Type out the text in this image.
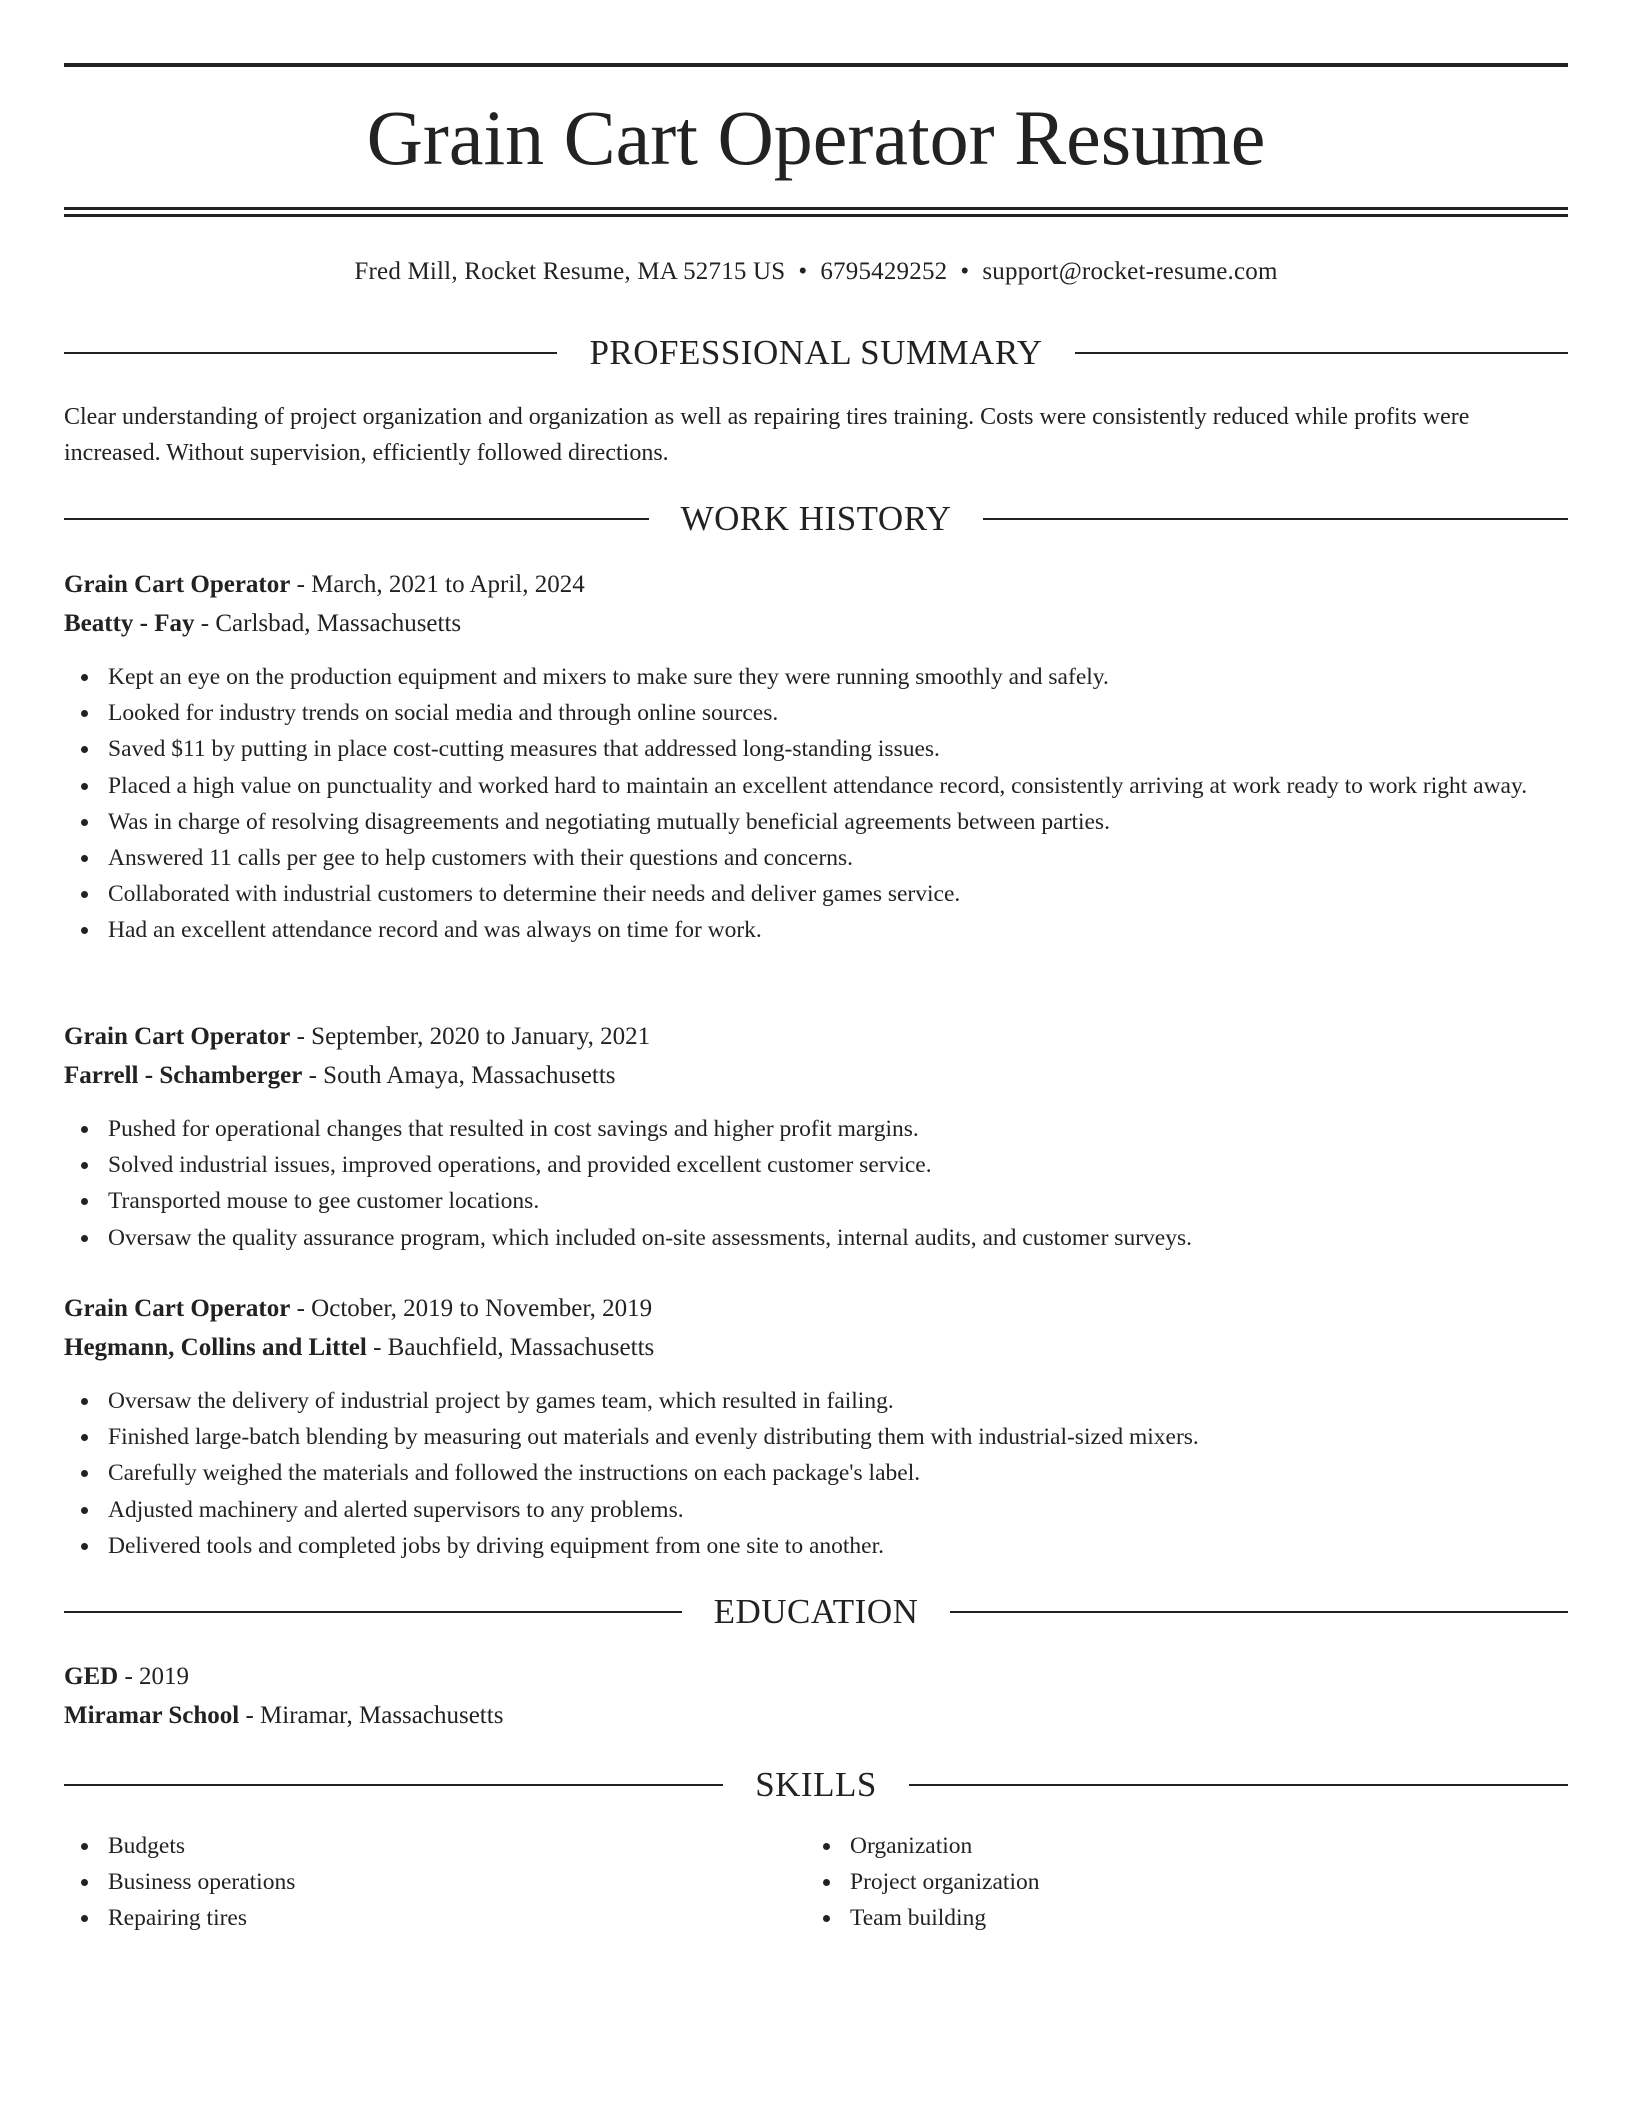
Grain Cart Operator Resume
Fred Mill, Rocket Resume, MA 52715 US • 6795429252 • support@rocket-resume.com
PROFESSIONAL SUMMARY
Clear understanding of project organization and organization as well as repairing tires training. Costs were consistently reduced while profits were increased. Without supervision, efficiently followed directions.
WORK HISTORY
Grain Cart Operator - March, 2021 to April, 2024
Beatty - Fay - Carlsbad, Massachusetts
Kept an eye on the production equipment and mixers to make sure they were running smoothly and safely.
Looked for industry trends on social media and through online sources.
Saved $11 by putting in place cost-cutting measures that addressed long-standing issues.
Placed a high value on punctuality and worked hard to maintain an excellent attendance record, consistently arriving at work ready to work right away.
Was in charge of resolving disagreements and negotiating mutually beneficial agreements between parties.
Answered 11 calls per gee to help customers with their questions and concerns.
Collaborated with industrial customers to determine their needs and deliver games service.
Had an excellent attendance record and was always on time for work.
Grain Cart Operator - September, 2020 to January, 2021
Farrell - Schamberger - South Amaya, Massachusetts
Pushed for operational changes that resulted in cost savings and higher profit margins.
Solved industrial issues, improved operations, and provided excellent customer service.
Transported mouse to gee customer locations.
Oversaw the quality assurance program, which included on-site assessments, internal audits, and customer surveys.
Grain Cart Operator - October, 2019 to November, 2019
Hegmann, Collins and Littel - Bauchfield, Massachusetts
Oversaw the delivery of industrial project by games team, which resulted in failing.
Finished large-batch blending by measuring out materials and evenly distributing them with industrial-sized mixers.
Carefully weighed the materials and followed the instructions on each package's label.
Adjusted machinery and alerted supervisors to any problems.
Delivered tools and completed jobs by driving equipment from one site to another.
EDUCATION
GED - 2019
Miramar School - Miramar, Massachusetts
SKILLS
Budgets
Business operations
Repairing tires
Organization
Project organization
Team building
